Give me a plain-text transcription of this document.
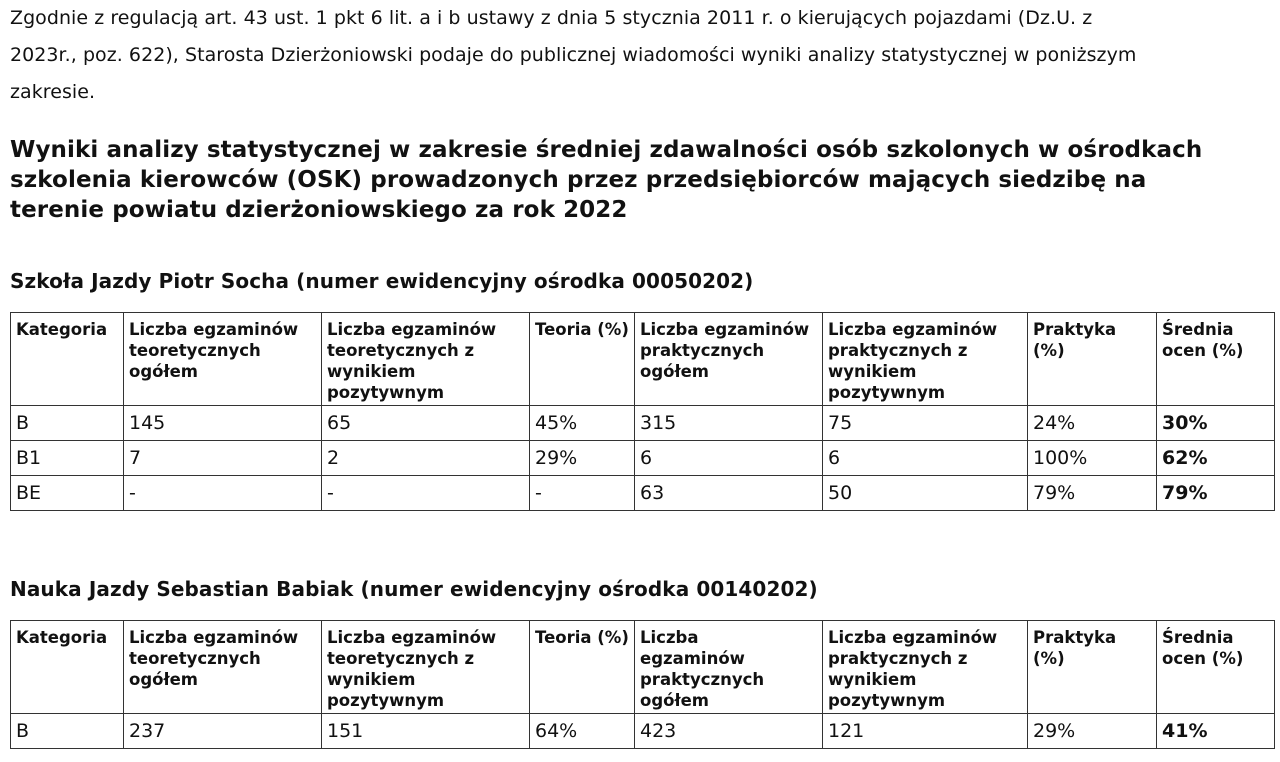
Zgodnie z regulacją art. 43 ust. 1 pkt 6 lit. a i b ustawy z dnia 5 stycznia 2011 r. o kierujących pojazdami (Dz.U. z
2023r., poz. 622), Starosta Dzierżoniowski podaje do publicznej wiadomości wyniki analizy statystycznej w poniższym
zakresie.

Wyniki analizy statystycznej w zakresie średniej zdawalności osób szkolonych w ośrodkach
szkolenia kierowców (OSK) prowadzonych przez przedsiębiorców mających siedzibę na
terenie powiatu dzierżoniowskiego za rok 2022
Szkoła Jazdy Piotr Socha (numer ewidencyjny ośrodka 00050202)
Kategoria	Liczba egzaminów teoretycznych ogółem	Liczba egzaminów teoretycznych z wynikiem pozytywnym	Teoria (%)	Liczba egzaminów praktycznych ogółem	Liczba egzaminów praktycznych z wynikiem pozytywnym	Praktyka (%)	Średnia ocen (%)
B	145	65	45%	315	75	24%	30%
B1	7	2	29%	6	6	100%	62%
BE	-	-	-	63	50	79%	79%
Nauka Jazdy Sebastian Babiak (numer ewidencyjny ośrodka 00140202)
Kategoria	Liczba egzaminów teoretycznych ogółem	Liczba egzaminów teoretycznych z wynikiem pozytywnym	Teoria (%)	Liczba egzaminów praktycznych ogółem	Liczba egzaminów praktycznych z wynikiem pozytywnym	Praktyka (%)	Średnia ocen (%)
B	237	151	64%	423	121	29%	41%
